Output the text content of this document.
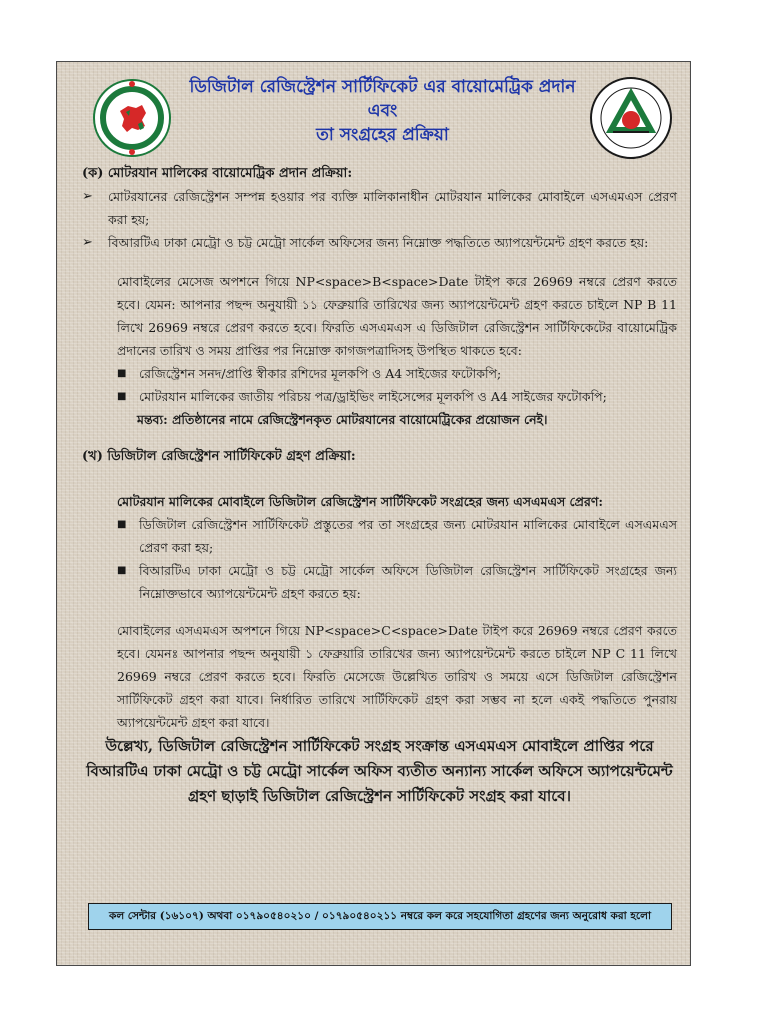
ডিজিটাল রেজিস্ট্রেশন সার্টিফিকেট এর বায়োমেট্রিক প্রদান
এবং
তা সংগ্রহের প্রক্রিয়া
(ক) মোটরযান মালিকের বায়োমেট্রিক প্রদান প্রক্রিয়া:
➢	মোটরযানের রেজিস্ট্রেশন সম্পন্ন হওয়ার পর ব্যক্তি মালিকানাধীন মোটরযান মালিকের মোবাইলে এসএমএস প্রেরণ করা হয়;
➢	বিআরটিএ ঢাকা মেট্রো ও চট্ট মেট্রো সার্কেল অফিসের জন্য নিম্নোক্ত পদ্ধতিতে অ্যাপয়েন্টমেন্ট গ্রহণ করতে হয়:
মোবাইলের মেসেজ অপশনে গিয়ে NP<space>B<space>Date টাইপ করে 26969 নম্বরে প্রেরণ করতে হবে। যেমন: আপনার পছন্দ অনুযায়ী ১১ ফেব্রুয়ারি তারিখের জন্য অ্যাপয়েন্টমেন্ট গ্রহণ করতে চাইলে NP B 11 লিখে 26969 নম্বরে প্রেরণ করতে হবে। ফিরতি এসএমএস এ ডিজিটাল রেজিস্ট্রেশন সার্টিফিকেটের বায়োমেট্রিক প্রদানের তারিখ ও সময় প্রাপ্তির পর নিম্নোক্ত কাগজপত্রাদিসহ উপস্থিত থাকতে হবে:
■	রেজিস্ট্রেশন সনদ/প্রাপ্তি স্বীকার রশিদের মূলকপি ও A4 সাইজের ফটোকপি;
■	মোটরযান মালিকের জাতীয় পরিচয় পত্র/ড্রাইভিং লাইসেন্সের মূলকপি ও A4 সাইজের ফটোকপি;
মন্তব্য: প্রতিষ্ঠানের নামে রেজিস্ট্রেশনকৃত মোটরযানের বায়োমেট্রিকের প্রয়োজন নেই।
(খ) ডিজিটাল রেজিস্ট্রেশন সার্টিফিকেট গ্রহণ প্রক্রিয়া:
মোটরযান মালিকের মোবাইলে ডিজিটাল রেজিস্ট্রেশন সার্টিফিকেট সংগ্রহের জন্য এসএমএস প্রেরণ:
■	ডিজিটাল রেজিস্ট্রেশন সার্টিফিকেট প্রস্তুতের পর তা সংগ্রহের জন্য মোটরযান মালিকের মোবাইলে এসএমএস প্রেরণ করা হয়;
■	বিআরটিএ ঢাকা মেট্রো ও চট্ট মেট্রো সার্কেল অফিসে ডিজিটাল রেজিস্ট্রেশন সার্টিফিকেট সংগ্রহের জন্য নিম্নোক্তভাবে অ্যাপয়েন্টমেন্ট গ্রহণ করতে হয়:
মোবাইলের এসএমএস অপশনে গিয়ে NP<space>C<space>Date টাইপ করে 26969 নম্বরে প্রেরণ করতে হবে। যেমনঃ আপনার পছন্দ অনুযায়ী ১ ফেব্রুয়ারি তারিখের জন্য অ্যাপয়েন্টমেন্ট করতে চাইলে NP C 11 লিখে 26969 নম্বরে প্রেরণ করতে হবে। ফিরতি মেসেজে উল্লেখিত তারিখ ও সময়ে এসে ডিজিটাল রেজিস্ট্রেশন সার্টিফিকেট গ্রহণ করা যাবে। নির্ধারিত তারিখে সার্টিফিকেট গ্রহণ করা সম্ভব না হলে একই পদ্ধতিতে পুনরায় অ্যাপয়েন্টমেন্ট গ্রহণ করা যাবে।
উল্লেখ্য, ডিজিটাল রেজিস্ট্রেশন সার্টিফিকেট সংগ্রহ সংক্রান্ত এসএমএস মোবাইলে প্রাপ্তির পরে বিআরটিএ ঢাকা মেট্রো ও চট্ট মেট্রো সার্কেল অফিস ব্যতীত অন্যান্য সার্কেল অফিসে অ্যাপয়েন্টমেন্ট গ্রহণ ছাড়াই ডিজিটাল রেজিস্ট্রেশন সার্টিফিকেট সংগ্রহ করা যাবে।
কল সেন্টার (১৬১০৭) অথবা ০১৭৯০৫৪০২১০ / ০১৭৯০৫৪০২১১ নম্বরে কল করে সহযোগিতা গ্রহণের জন্য অনুরোধ করা হলো
